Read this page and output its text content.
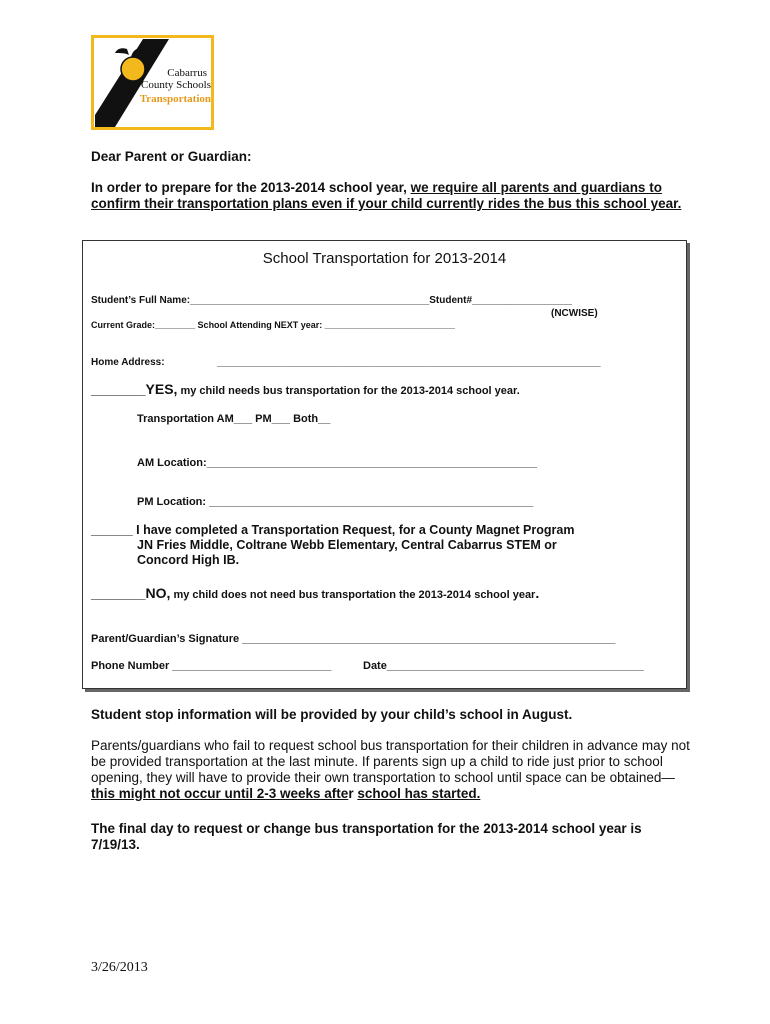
Cabarrus
County Schools
Transportation
Dear Parent or Guardian:
In order to prepare for the 2013-2014 school year, we require all parents and guardians to confirm their transportation plans even if your child currently rides the bus this school year.
School Transportation for 2013-2014
Student’s Full Name:___________________________________________Student#__________________
(NCWISE)
Current Grade:________ School Attending NEXT year: __________________________
Home Address:	_____________________________________________________________________
_______YES, my child needs bus transportation for the 2013-2014 school year.
Transportation AM___ PM___ Both__
AM Location:______________________________________________________
PM Location: _____________________________________________________
______ I have completed a Transportation Request, for a County Magnet Program
JN Fries Middle, Coltrane Webb Elementary, Central Cabarrus STEM or
Concord High IB.
_______NO, my child does not need bus transportation the 2013-2014 school year.
Parent/Guardian’s Signature _____________________________________________________________
Phone Number __________________________	Date__________________________________________
Student stop information will be provided by your child’s school in August.
Parents/guardians who fail to request school bus transportation for their children in advance may not be provided transportation at the last minute. If parents sign up a child to ride just prior to school opening, they will have to provide their own transportation to school until space can be obtained—this might not occur until 2-3 weeks after school has started.
The final day to request or change bus transportation for the 2013-2014 school year is 7/19/13.
3/26/2013
